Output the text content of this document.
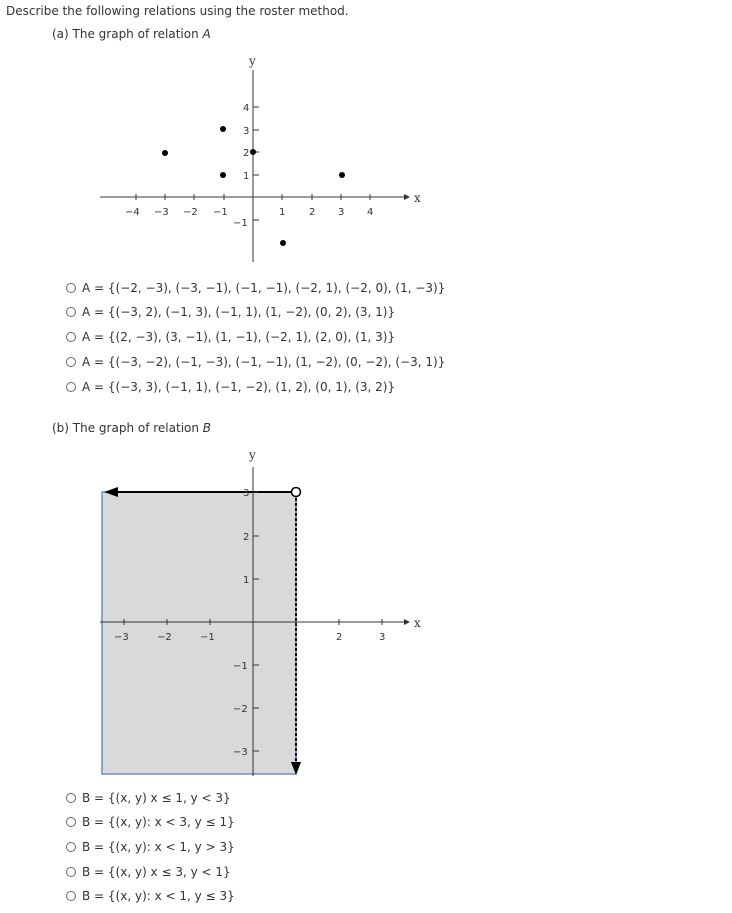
Describe the following relations using the roster method.
(a) The graph of relation A
y
x
−4 −3 −2 −1	1 2 3 4
4
3
2
1
−1
A = {(−2, −3), (−3, −1), (−1, −1), (−2, 1), (−2, 0), (1, −3)}
A = {(−3, 2), (−1, 3), (−1, 1), (1, −2), (0, 2), (3, 1)}
A = {(2, −3), (3, −1), (1, −1), (−2, 1), (2, 0), (1, 3)}
A = {(−3, −2), (−1, −3), (−1, −1), (1, −2), (0, −2), (−3, 1)}
A = {(−3, 3), (−1, 1), (−1, −2), (1, 2), (0, 1), (3, 2)}
(b) The graph of relation B
y
x
−3	−2	−1	2	3
3
2
1
−1
−2
−3
B = {(x, y) x ≤ 1, y < 3}
B = {(x, y): x < 3, y ≤ 1}
B = {(x, y): x < 1, y > 3}
B = {(x, y) x ≤ 3, y < 1}
B = {(x, y): x < 1, y ≤ 3}
